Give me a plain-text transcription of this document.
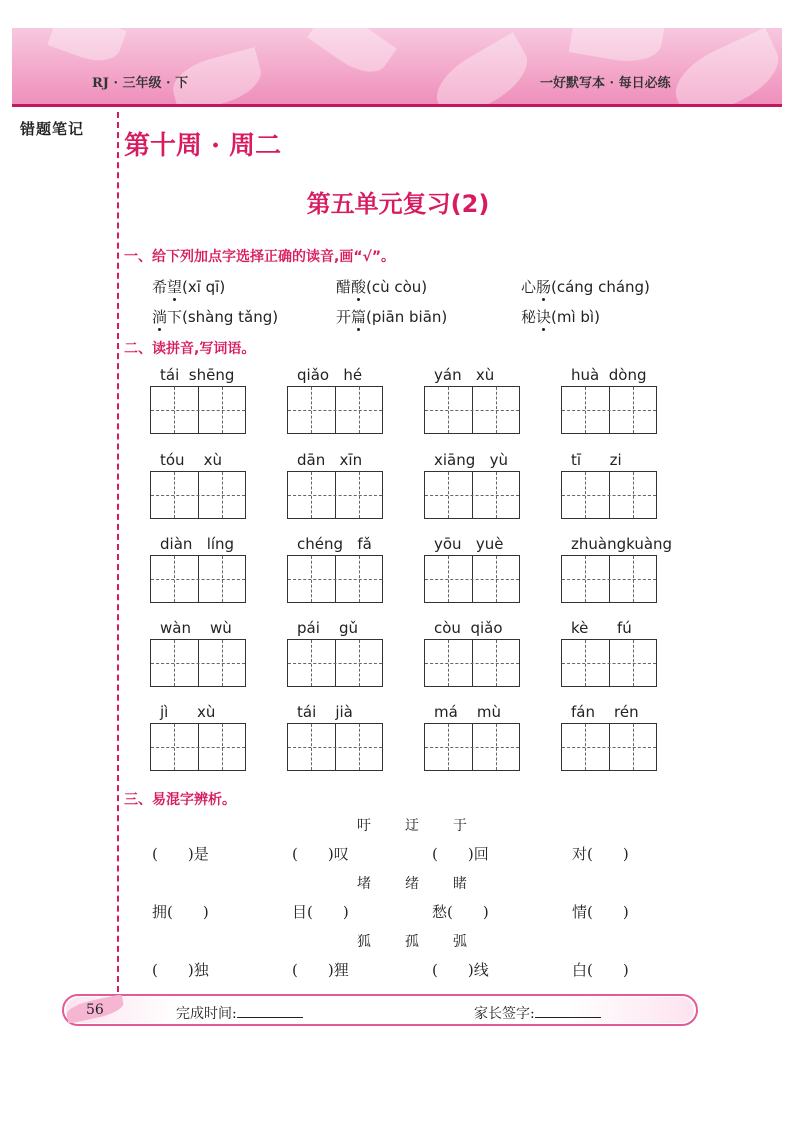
RJ · 三年级 · 下	一好默写本 · 每日必练
错题笔记
第十周 · 周二
第五单元复习(2)
一、给下列加点字选择正确的读音,画“√”。
希望(xī qī)	醋酸(cù còu)	心肠(cáng cháng)
淌下(shàng tǎng)	开篇(piān biān)	秘诀(mì bì)
二、读拼音,写词语。
tái  shēng	qiǎo   hé	yán   xù	huà  dòng
tóu    xù	dān   xīn	xiāng   yù	tī      zi
diàn   líng	chéng   fǎ	yōu   yuè	zhuàngkuàng
wàn    wù	pái    gǔ	còu  qiǎo	kè      fú
jì      xù	tái    jià	má    mù	fán    rén
三、易混字辨析。
吁　　迂　　于
(　　)是	(　　)叹	(　　)回	对(　　)
堵　　绪　　睹
拥(　　)	目(　　)	愁(　　)	情(　　)
狐　　孤　　弧
(　　)独	(　　)狸	(　　)线	白(　　)
56	完成时间:	家长签字:
